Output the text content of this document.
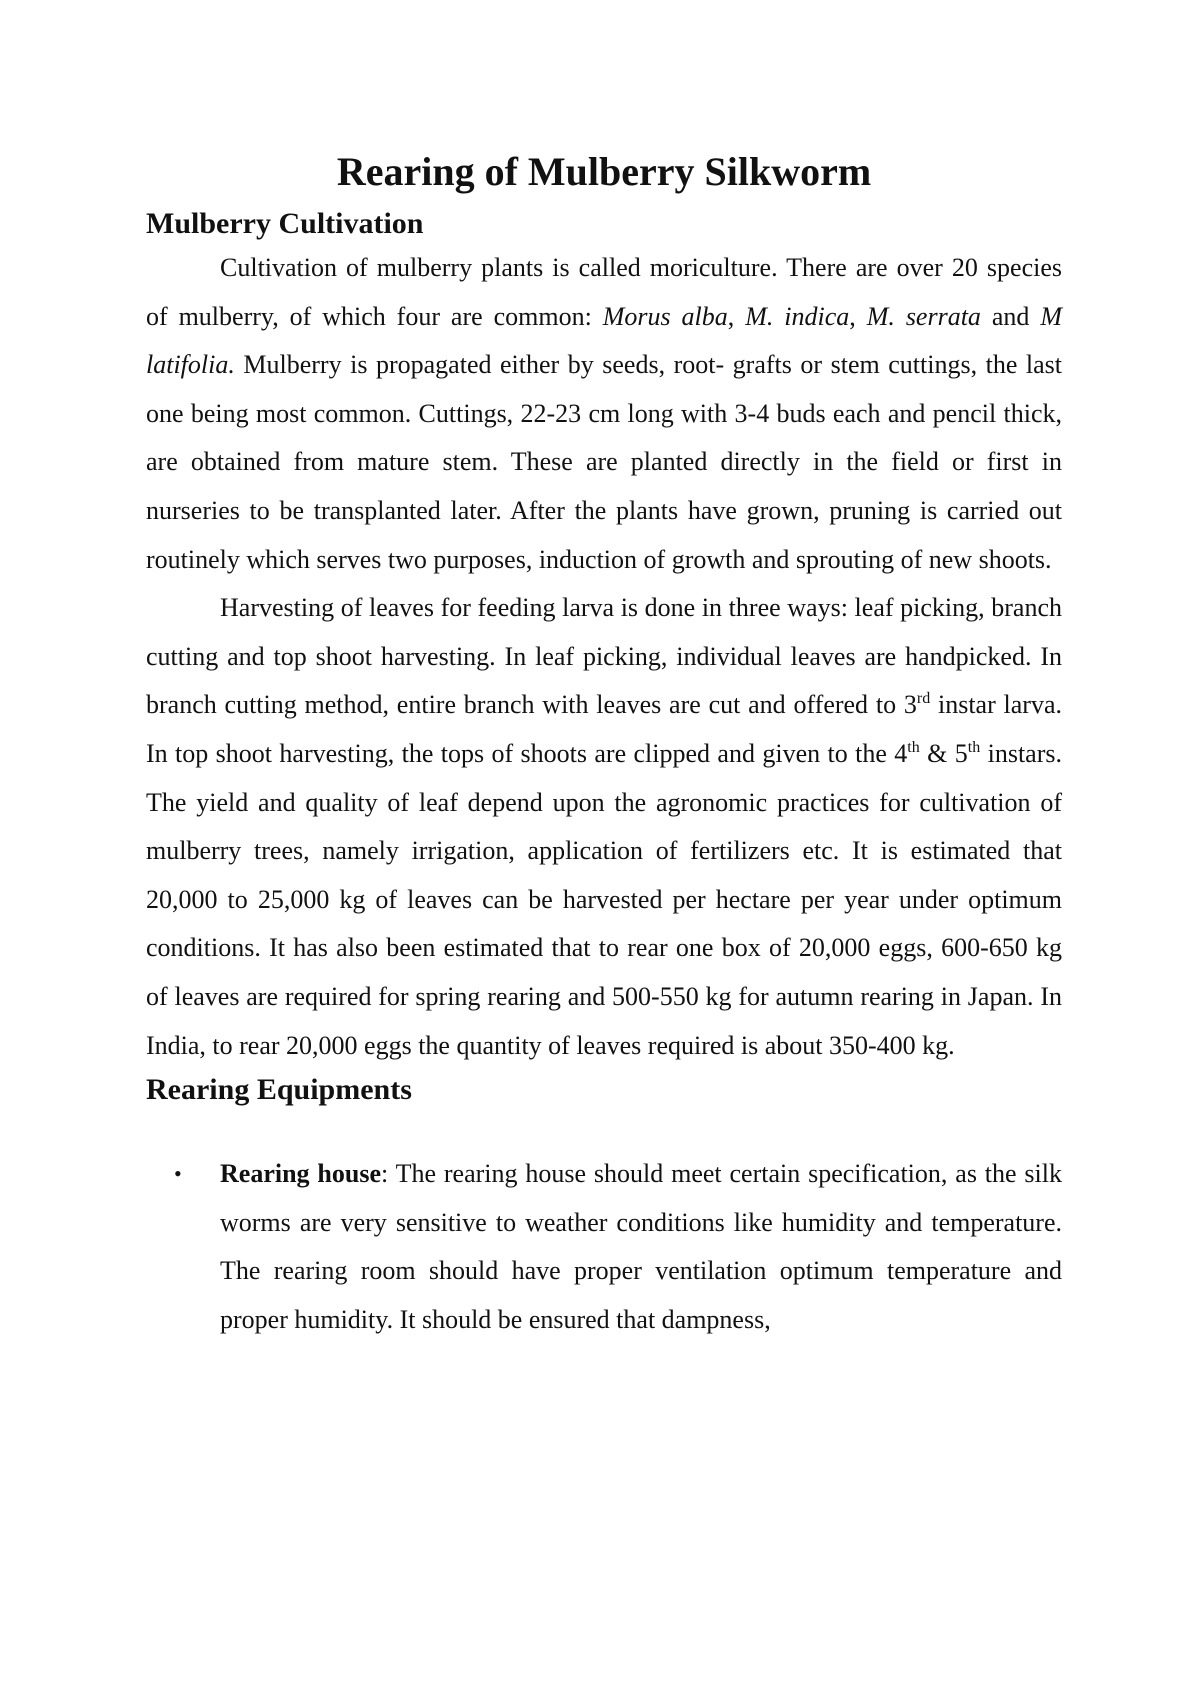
Rearing of Mulberry Silkworm
Mulberry Cultivation

Cultivation of mulberry plants is called moriculture. There are over 20 species of mulberry, of which four are common: Morus alba, M. indica, M. serrata and M latifolia. Mulberry is propagated either by seeds, root- grafts or stem cuttings, the last one being most common. Cuttings, 22-23 cm long with 3-4 buds each and pencil thick, are obtained from mature stem. These are planted directly in the field or first in nurseries to be transplanted later. After the plants have grown, pruning is carried out routinely which serves two purposes, induction of growth and sprouting of new shoots.

Harvesting of leaves for feeding larva is done in three ways: leaf picking, branch cutting and top shoot harvesting. In leaf picking, individual leaves are handpicked. In branch cutting method, entire branch with leaves are cut and offered to 3rd instar larva. In top shoot harvesting, the tops of shoots are clipped and given to the 4th & 5th instars. The yield and quality of leaf depend upon the agronomic practices for cultivation of mulberry trees, namely irrigation, application of fertilizers etc. It is estimated that 20,000 to 25,000 kg of leaves can be harvested per hectare per year under optimum conditions. It has also been estimated that to rear one box of 20,000 eggs, 600-650 kg of leaves are required for spring rearing and 500-550 kg for autumn rearing in Japan. In India, to rear 20,000 eggs the quantity of leaves required is about 350-400 kg.

Rearing Equipments
• Rearing house: The rearing house should meet certain specification, as the silk worms are very sensitive to weather conditions like humidity and temperature. The rearing room should have proper ventilation optimum temperature and proper humidity. It should be ensured that dampness,
